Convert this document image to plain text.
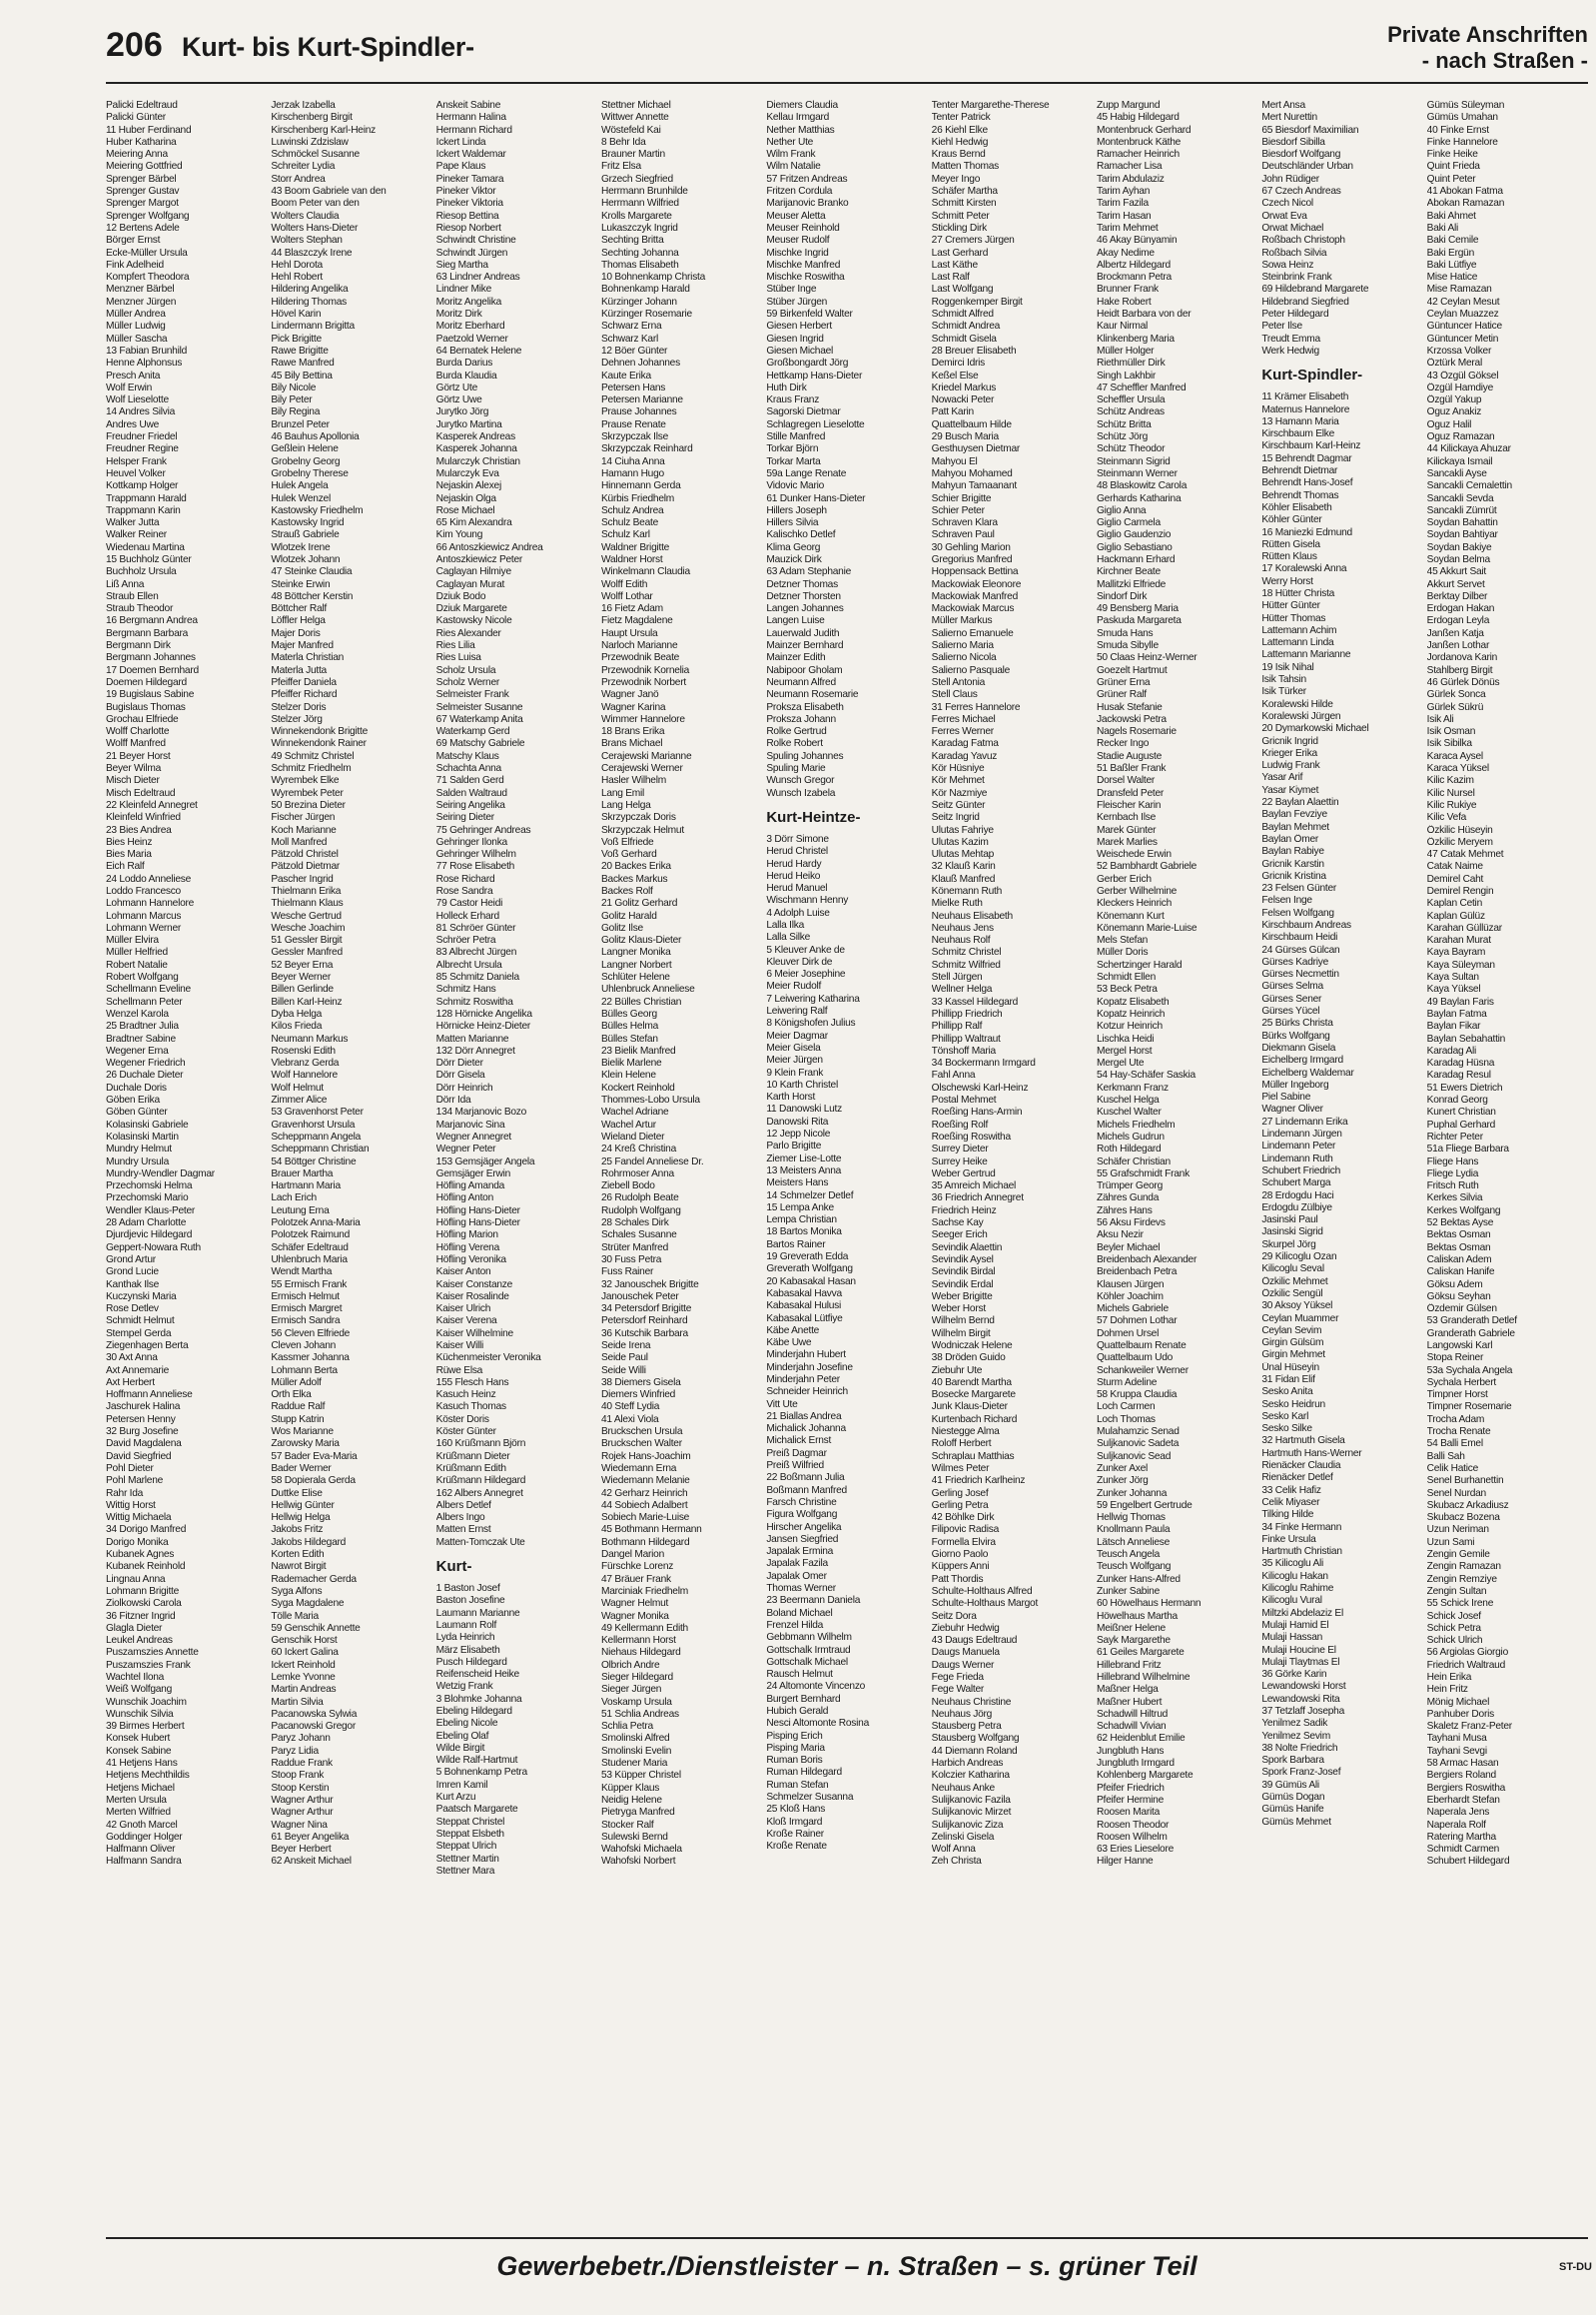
206 Kurt- bis Kurt-Spindler-	Private Anschriften
- nach Straßen -
Palicki Edeltraud
Palicki Günter
11 Huber Ferdinand
Huber Katharina
Meiering Anna
Meiering Gottfried
Sprenger Bärbel
Sprenger Gustav
Sprenger Margot
Sprenger Wolfgang
12 Bertens Adele
Börger Ernst
Ecke-Müller Ursula
Fink Adelheid
Kompfert Theodora
Menzner Bärbel
Menzner Jürgen
Müller Andrea
Müller Ludwig
Müller Sascha
13 Fabian Brunhild
Henne Alphonsus
Presch Anita
Wolf Erwin
Wolf Lieselotte
14 Andres Silvia
Andres Uwe
Freudner Friedel
Freudner Regine
Helsper Frank
Heuvel Volker
Kottkamp Holger
Trappmann Harald
Trappmann Karin
Walker Jutta
Walker Reiner
Wiedenau Martina
15 Buchholz Günter
Buchholz Ursula
Liß Anna
Straub Ellen
Straub Theodor
16 Bergmann Andrea
Bergmann Barbara
Bergmann Dirk
Bergmann Johannes
17 Doemen Bernhard
Doemen Hildegard
19 Bugislaus Sabine
Bugislaus Thomas
Grochau Elfriede
Wolff Charlotte
Wolff Manfred
21 Beyer Horst
Beyer Wilma
Misch Dieter
Misch Edeltraud
22 Kleinfeld Annegret
Kleinfeld Winfried
23 Bies Andrea
Bies Heinz
Bies Maria
Eich Ralf
24 Loddo Anneliese
Loddo Francesco
Lohmann Hannelore
Lohmann Marcus
Lohmann Werner
Müller Elvira
Müller Helfried
Robert Natalie
Robert Wolfgang
Schellmann Eveline
Schellmann Peter
Wenzel Karola
25 Bradtner Julia
Bradtner Sabine
Wegener Erna
Wegener Friedrich
26 Duchale Dieter
Duchale Doris
Göben Erika
Göben Günter
Kolasinski Gabriele
Kolasinski Martin
Mundry Helmut
Mundry Ursula
Mundry-Wendler Dagmar
Przechomski Helma
Przechomski Mario
Wendler Klaus-Peter
28 Adam Charlotte
Djurdjevic Hildegard
Geppert-Nowara Ruth
Grond Artur
Grond Lucie
Kanthak Ilse
Kuczynski Maria
Rose Detlev
Schmidt Helmut
Stempel Gerda
Ziegenhagen Berta
30 Axt Anna
Axt Annemarie
Axt Herbert
Hoffmann Anneliese
Jaschurek Halina
Petersen Henny
32 Burg Josefine
David Magdalena
David Siegfried
Pohl Dieter
Pohl Marlene
Rahr Ida
Wittig Horst
Wittig Michaela
34 Dorigo Manfred
Dorigo Monika
Kubanek Agnes
Kubanek Reinhold
Lingnau Anna
Lohmann Brigitte
Ziolkowski Carola
36 Fitzner Ingrid
Glagla Dieter
Leukel Andreas
Puszamszies Annette
Puszamszies Frank
Wachtel Ilona
Weiß Wolfgang
Wunschik Joachim
Wunschik Silvia
39 Birmes Herbert
Konsek Hubert
Konsek Sabine
41 Hetjens Hans
Hetjens Mechthildis
Hetjens Michael
Merten Ursula
Merten Wilfried
42 Gnoth Marcel
Goddinger Holger
Halfmann Oliver
Halfmann Sandra
Jerzak Izabella
Kirschenberg Birgit
Kirschenberg Karl-Heinz
Luwinski Zdzislaw
Schmöckel Susanne
Schreiter Lydia
Storr Andrea
43 Boom Gabriele van den
Boom Peter van den
Wolters Claudia
Wolters Hans-Dieter
Wolters Stephan
44 Blaszczyk Irene
Hehl Dorota
Hehl Robert
Hildering Angelika
Hildering Thomas
Hövel Karin
Lindermann Brigitta
Pick Brigitte
Rawe Brigitte
Rawe Manfred
45 Bily Bettina
Bily Nicole
Bily Peter
Bily Regina
Brunzel Peter
46 Bauhus Apollonia
Geßlein Helene
Grobelny Georg
Grobelny Therese
Hulek Angela
Hulek Wenzel
Kastowsky Friedhelm
Kastowsky Ingrid
Strauß Gabriele
Wlotzek Irene
Wlotzek Johann
47 Steinke Claudia
Steinke Erwin
48 Böttcher Kerstin
Böttcher Ralf
Löffler Helga
Majer Doris
Majer Manfred
Materla Christian
Materla Jutta
Pfeiffer Daniela
Pfeiffer Richard
Stelzer Doris
Stelzer Jörg
Winnekendonk Brigitte
Winnekendonk Rainer
49 Schmitz Christel
Schmitz Friedhelm
Wyrembek Elke
Wyrembek Peter
50 Brezina Dieter
Fischer Jürgen
Koch Marianne
Moll Manfred
Pätzold Christel
Pätzold Dietmar
Pascher Ingrid
Thielmann Erika
Thielmann Klaus
Wesche Gertrud
Wesche Joachim
51 Gessler Birgit
Gessler Manfred
52 Beyer Erna
Beyer Werner
Billen Gerlinde
Billen Karl-Heinz
Dyba Helga
Kilos Frieda
Neumann Markus
Rosenski Edith
Vlebranz Gerda
Wolf Hannelore
Wolf Helmut
Zimmer Alice
53 Gravenhorst Peter
Gravenhorst Ursula
Scheppmann Angela
Scheppmann Christian
54 Böttger Christine
Brauer Martha
Hartmann Maria
Lach Erich
Leutung Erna
Polotzek Anna-Maria
Polotzek Raimund
Schäfer Edeltraud
Uhlenbruch Maria
Wendt Martha
55 Ermisch Frank
Ermisch Helmut
Ermisch Margret
Ermisch Sandra
56 Cleven Elfriede
Cleven Johann
Kassmer Johanna
Lohmann Berta
Müller Adolf
Orth Elka
Raddue Ralf
Stupp Katrin
Wos Marianne
Zarowsky Maria
57 Bader Eva-Maria
Bader Werner
58 Dopierala Gerda
Duttke Elise
Hellwig Günter
Hellwig Helga
Jakobs Fritz
Jakobs Hildegard
Korten Edith
Nawrot Birgit
Rademacher Gerda
Syga Alfons
Syga Magdalene
Tölle Maria
59 Genschik Annette
Genschik Horst
60 Ickert Galina
Ickert Reinhold
Lemke Yvonne
Martin Andreas
Martin Silvia
Pacanowska Sylwia
Pacanowski Gregor
Paryz Johann
Paryz Lidia
Raddue Frank
Stoop Frank
Stoop Kerstin
Wagner Arthur
Wagner Arthur
Wagner Nina
61 Beyer Angelika
Beyer Herbert
62 Anskeit Michael
Anskeit Sabine
Hermann Halina
Hermann Richard
Ickert Linda
Ickert Waldemar
Pape Klaus
Pineker Tamara
Pineker Viktor
Pineker Viktoria
Riesop Bettina
Riesop Norbert
Schwindt Christine
Schwindt Jürgen
Sieg Martha
63 Lindner Andreas
Lindner Mike
Moritz Angelika
Moritz Dirk
Moritz Eberhard
Paetzold Werner
64 Bernatek Helene
Burda Darius
Burda Klaudia
Görtz Ute
Görtz Uwe
Jurytko Jörg
Jurytko Martina
Kasperek Andreas
Kasperek Johanna
Mularczyk Christian
Mularczyk Eva
Nejaskin Alexej
Nejaskin Olga
Rose Michael
65 Kim Alexandra
Kim Young
66 Antoszkiewicz Andrea
Antoszkiewicz Peter
Caglayan Hilmiye
Caglayan Murat
Dziuk Bodo
Dziuk Margarete
Kastowsky Nicole
Ries Alexander
Ries Lilia
Ries Luisa
Scholz Ursula
Scholz Werner
Selmeister Frank
Selmeister Susanne
67 Waterkamp Anita
Waterkamp Gerd
69 Matschy Gabriele
Matschy Klaus
Schachta Anna
71 Salden Gerd
Salden Waltraud
Seiring Angelika
Seiring Dieter
75 Gehringer Andreas
Gehringer Ilonka
Gehringer Wilhelm
77 Rose Elisabeth
Rose Richard
Rose Sandra
79 Castor Heidi
Holleck Erhard
81 Schröer Günter
Schröer Petra
83 Albrecht Jürgen
Albrecht Ursula
85 Schmitz Daniela
Schmitz Hans
Schmitz Roswitha
128 Hörnicke Angelika
Hörnicke Heinz-Dieter
Matten Marianne
132 Dörr Annegret
Dörr Dieter
Dörr Gisela
Dörr Heinrich
Dörr Ida
134 Marjanovic Bozo
Marjanovic Sina
Wegner Annegret
Wegner Peter
153 Gemsjäger Angela
Gemsjäger Erwin
Höfling Amanda
Höfling Anton
Höfling Hans-Dieter
Höfling Hans-Dieter
Höfling Marion
Höfling Verena
Höfling Veronika
Kaiser Anton
Kaiser Constanze
Kaiser Rosalinde
Kaiser Ulrich
Kaiser Verena
Kaiser Wilhelmine
Kaiser Willi
Küchenmeister Veronika
Rüwe Elsa
155 Flesch Hans
Kasuch Heinz
Kasuch Thomas
Köster Doris
Köster Günter
160 Krüßmann Björn
Krüßmann Dieter
Krüßmann Edith
Krüßmann Hildegard
162 Albers Annegret
Albers Detlef
Albers Ingo
Matten Ernst
Matten-Tomczak Ute
Kurt-
1 Baston Josef
Baston Josefine
Laumann Marianne
Laumann Rolf
Lyda Heinrich
März Elisabeth
Pusch Hildegard
Reifenscheid Heike
Wetzig Frank
3 Blohmke Johanna
Ebeling Hildegard
Ebeling Nicole
Ebeling Olaf
Wilde Birgit
Wilde Ralf-Hartmut
5 Bohnenkamp Petra
Imren Kamil
Kurt Arzu
Paatsch Margarete
Steppat Christel
Steppat Elsbeth
Steppat Ulrich
Stettner Martin
Stettner Mara
Stettner Michael
Wittwer Annette
Wöstefeld Kai
8 Behr Ida
Brauner Martin
Fritz Elsa
Grzech Siegfried
Herrmann Brunhilde
Herrmann Wilfried
Krolls Margarete
Lukaszczyk Ingrid
Sechting Britta
Sechting Johanna
Thomas Elisabeth
10 Bohnenkamp Christa
Bohnenkamp Harald
Kürzinger Johann
Kürzinger Rosemarie
Schwarz Erna
Schwarz Karl
12 Böer Günter
Dehnen Johannes
Kaute Erika
Petersen Hans
Petersen Marianne
Prause Johannes
Prause Renate
Skrzypczak Ilse
Skrzypczak Reinhard
14 Ciuha Anna
Hamann Hugo
Hinnemann Gerda
Kürbis Friedhelm
Schulz Andrea
Schulz Beate
Schulz Karl
Waldner Brigitte
Waldner Horst
Winkelmann Claudia
Wolff Edith
Wolff Lothar
16 Fietz Adam
Fietz Magdalene
Haupt Ursula
Narloch Marianne
Przewodnik Beate
Przewodnik Kornelia
Przewodnik Norbert
Wagner Janö
Wagner Karina
Wimmer Hannelore
18 Brans Erika
Brans Michael
Cerajewski Marianne
Cerajewski Werner
Hasler Wilhelm
Lang Emil
Lang Helga
Skrzypczak Doris
Skrzypczak Helmut
Voß Elfriede
Voß Gerhard
20 Backes Erika
Backes Markus
Backes Rolf
21 Golitz Gerhard
Golitz Harald
Golitz Ilse
Golitz Klaus-Dieter
Langner Monika
Langner Norbert
Schlüter Helene
Uhlenbruck Anneliese
22 Bülles Christian
Bülles Georg
Bülles Helma
Bülles Stefan
23 Bielik Manfred
Bielik Marlene
Klein Helene
Kockert Reinhold
Thommes-Lobo Ursula
Wachel Adriane
Wachel Artur
Wieland Dieter
24 Kreß Christina
25 Fandel Anneliese Dr.
Rohrmoser Anna
Ziebell Bodo
26 Rudolph Beate
Rudolph Wolfgang
28 Schales Dirk
Schales Susanne
Strüter Manfred
30 Fuss Petra
Fuss Rainer
32 Janouschek Brigitte
Janouschek Peter
34 Petersdorf Brigitte
Petersdorf Reinhard
36 Kutschik Barbara
Seide Irena
Seide Paul
Seide Willi
38 Diemers Gisela
Diemers Winfried
40 Steff Lydia
41 Alexi Viola
Bruckschen Ursula
Bruckschen Walter
Rojek Hans-Joachim
Wiedemann Erna
Wiedemann Melanie
42 Gerharz Heinrich
44 Sobiech Adalbert
Sobiech Marie-Luise
45 Bothmann Hermann
Bothmann Hildegard
Dangel Marion
Fürschke Lorenz
47 Bräuer Frank
Marciniak Friedhelm
Wagner Helmut
Wagner Monika
49 Kellermann Edith
Kellermann Horst
Niehaus Hildegard
Olbrich Andre
Sieger Hildegard
Sieger Jürgen
Voskamp Ursula
51 Schlia Andreas
Schlia Petra
Smolinski Alfred
Smolinski Evelin
Studener Maria
53 Küpper Christel
Küpper Klaus
Neidig Helene
Pietryga Manfred
Stocker Ralf
Sulewski Bernd
Wahofski Michaela
Wahofski Norbert
Diemers Claudia
Kellau Irmgard
Nether Matthias
Nether Ute
Wilm Frank
Wilm Natalie
57 Fritzen Andreas
Fritzen Cordula
Marijanovic Branko
Meuser Aletta
Meuser Reinhold
Meuser Rudolf
Mischke Ingrid
Mischke Manfred
Mischke Roswitha
Stüber Inge
Stüber Jürgen
59 Birkenfeld Walter
Giesen Herbert
Giesen Ingrid
Giesen Michael
Großbongardt Jörg
Hettkamp Hans-Dieter
Huth Dirk
Kraus Franz
Sagorski Dietmar
Schlagregen Lieselotte
Stille Manfred
Torkar Björn
Torkar Marta
59a Lange Renate
Vidovic Mario
61 Dunker Hans-Dieter
Hillers Joseph
Hillers Silvia
Kalischko Detlef
Klima Georg
Mauzick Dirk
63 Adam Stephanie
Detzner Thomas
Detzner Thorsten
Langen Johannes
Langen Luise
Lauerwald Judith
Mainzer Bernhard
Mainzer Edith
Nabipoor Gholam
Neumann Alfred
Neumann Rosemarie
Proksza Elisabeth
Proksza Johann
Rolke Gertrud
Rolke Robert
Spuling Johannes
Spuling Marie
Wunsch Gregor
Wunsch Izabela
Kurt-Heintze-
3 Dörr Simone
Herud Christel
Herud Hardy
Herud Heiko
Herud Manuel
Wischmann Henny
4 Adolph Luise
Lalla Ilka
Lalla Silke
5 Kleuver Anke de
Kleuver Dirk de
6 Meier Josephine
Meier Rudolf
7 Leiwering Katharina
Leiwering Ralf
8 Königshofen Julius
Meier Dagmar
Meier Gisela
Meier Jürgen
9 Klein Frank
10 Karth Christel
Karth Horst
11 Danowski Lutz
Danowski Rita
12 Jepp Nicole
Parlo Brigitte
Ziemer Lise-Lotte
13 Meisters Anna
Meisters Hans
14 Schmelzer Detlef
15 Lempa Anke
Lempa Christian
18 Bartos Monika
Bartos Rainer
19 Greverath Edda
Greverath Wolfgang
20 Kabasakal Hasan
Kabasakal Havva
Kabasakal Hulusi
Kabasakal Lütfiye
Käbe Anette
Käbe Uwe
Minderjahn Hubert
Minderjahn Josefine
Minderjahn Peter
Schneider Heinrich
Vitt Ute
21 Biallas Andrea
Michalick Johanna
Michalick Ernst
Preiß Dagmar
Preiß Wilfried
22 Boßmann Julia
Boßmann Manfred
Farsch Christine
Figura Wolfgang
Hirscher Angelika
Jansen Siegfried
Japalak Ermina
Japalak Fazila
Japalak Omer
Thomas Werner
23 Beermann Daniela
Boland Michael
Frenzel Hilda
Gebbmann Wilhelm
Gottschalk Irmtraud
Gottschalk Michael
Rausch Helmut
24 Altomonte Vincenzo
Burgert Bernhard
Hubich Gerald
Nesci Altomonte Rosina
Pisping Erich
Pisping Maria
Ruman Boris
Ruman Hildegard
Ruman Stefan
Schmelzer Susanna
25 Kloß Hans
Kloß Irmgard
Kroße Rainer
Kroße Renate
Tenter Margarethe-Therese
Tenter Patrick
26 Kiehl Elke
Kiehl Hedwig
Kraus Bernd
Matten Thomas
Meyer Ingo
Schäfer Martha
Schmitt Kirsten
Schmitt Peter
Stickling Dirk
27 Cremers Jürgen
Last Gerhard
Last Käthe
Last Ralf
Last Wolfgang
Roggenkemper Birgit
Schmidt Alfred
Schmidt Andrea
Schmidt Gisela
28 Breuer Elisabeth
Demirci Idris
Keßel Else
Kriedel Markus
Nowacki Peter
Patt Karin
Quattelbaum Hilde
29 Busch Maria
Gesthuysen Dietmar
Mahyou El
Mahyou Mohamed
Mahyun Tamaanant
Schier Brigitte
Schier Peter
Schraven Klara
Schraven Paul
30 Gehling Marion
Gregorius Manfred
Hoppensack Bettina
Mackowiak Eleonore
Mackowiak Manfred
Mackowiak Marcus
Müller Markus
Salierno Emanuele
Salierno Maria
Salierno Nicola
Salierno Pasquale
Stell Antonia
Stell Claus
31 Ferres Hannelore
Ferres Michael
Ferres Werner
Karadag Fatma
Karadag Yavuz
Kör Hüsniye
Kör Mehmet
Kör Nazmiye
Seitz Günter
Seitz Ingrid
Ulutas Fahriye
Ulutas Kazim
Ulutas Mehtap
32 Klauß Karin
Klauß Manfred
Könemann Ruth
Mielke Ruth
Neuhaus Elisabeth
Neuhaus Jens
Neuhaus Rolf
Schmitz Christel
Schmitz Wilfried
Stell Jürgen
Wellner Helga
33 Kassel Hildegard
Phillipp Friedrich
Phillipp Ralf
Phillipp Waltraut
Tönshoff Maria
34 Bockermann Irmgard
Fahl Anna
Olschewski Karl-Heinz
Postal Mehmet
Roeßing Hans-Armin
Roeßing Rolf
Roeßing Roswitha
Surrey Dieter
Surrey Heike
Weber Gertrud
35 Amreich Michael
36 Friedrich Annegret
Friedrich Heinz
Sachse Kay
Seeger Erich
Sevindik Alaettin
Sevindik Aysel
Sevindik Birdal
Sevindik Erdal
Weber Brigitte
Weber Horst
Wilhelm Bernd
Wilhelm Birgit
Wodniczak Helene
38 Dröden Guido
Ziebuhr Ute
40 Barendt Martha
Bosecke Margarete
Junk Klaus-Dieter
Kurtenbach Richard
Niestegge Alma
Roloff Herbert
Schraplau Matthias
Wilmes Peter
41 Friedrich Karlheinz
Gerling Josef
Gerling Petra
42 Böhlke Dirk
Filipovic Radisa
Formella Elvira
Giorno Paolo
Küppers Anni
Patt Thordis
Schulte-Holthaus Alfred
Schulte-Holthaus Margot
Seitz Dora
Ziebuhr Hedwig
43 Daugs Edeltraud
Daugs Manuela
Daugs Werner
Fege Frieda
Fege Walter
Neuhaus Christine
Neuhaus Jörg
Stausberg Petra
Stausberg Wolfgang
44 Diemann Roland
Harbich Andreas
Kolczier Katharina
Neuhaus Anke
Sulijkanovic Fazila
Sulijkanovic Mirzet
Sulijkanovic Ziza
Zelinski Gisela
Wolf Anna
Zeh Christa
Zupp Margund
45 Habig Hildegard
Montenbruck Gerhard
Montenbruck Käthe
Ramacher Heinrich
Ramacher Lisa
Tarim Abdulaziz
Tarim Ayhan
Tarim Fazila
Tarim Hasan
Tarim Mehmet
46 Akay Bünyamin
Akay Nedime
Albertz Hildegard
Brockmann Petra
Brunner Frank
Hake Robert
Heidt Barbara von der
Kaur Nirmal
Klinkenberg Maria
Müller Holger
Riethmüller Dirk
Singh Lakhbir
47 Scheffler Manfred
Scheffler Ursula
Schütz Andreas
Schütz Britta
Schütz Jörg
Schütz Theodor
Steinmann Sigrid
Steinmann Werner
48 Blaskowitz Carola
Gerhards Katharina
Giglio Anna
Giglio Carmela
Giglio Gaudenzio
Giglio Sebastiano
Hackmann Erhard
Kirchner Beate
Mallitzki Elfriede
Sindorf Dirk
49 Bensberg Maria
Paskuda Margareta
Smuda Hans
Smuda Sibylle
50 Claas Heinz-Werner
Goezelt Hartmut
Grüner Erna
Grüner Ralf
Husak Stefanie
Jackowski Petra
Nagels Rosemarie
Recker Ingo
Stadie Auguste
51 Baßler Frank
Dorsel Walter
Dransfeld Peter
Fleischer Karin
Kernbach Ilse
Marek Günter
Marek Marlies
Weischede Erwin
52 Bambhardt Gabriele
Gerber Erich
Gerber Wilhelmine
Kleckers Heinrich
Könemann Kurt
Könemann Marie-Luise
Mels Stefan
Müller Doris
Schertzinger Harald
Schmidt Ellen
53 Beck Petra
Kopatz Elisabeth
Kopatz Heinrich
Kotzur Heinrich
Lischka Heidi
Mergel Horst
Mergel Ute
54 Hay-Schäfer Saskia
Kerkmann Franz
Kuschel Helga
Kuschel Walter
Michels Friedhelm
Michels Gudrun
Roth Hildegard
Schäfer Christian
55 Grafschmidt Frank
Trümper Georg
Zähres Gunda
Zähres Hans
56 Aksu Firdevs
Aksu Nezir
Beyler Michael
Breidenbach Alexander
Breidenbach Petra
Klausen Jürgen
Köhler Joachim
Michels Gabriele
57 Dohmen Lothar
Dohmen Ursel
Quattelbaum Renate
Quattelbaum Udo
Schankweiler Werner
Sturm Adeline
58 Kruppa Claudia
Loch Carmen
Loch Thomas
Mulahamzic Senad
Suljkanovic Sadeta
Suljkanovic Sead
Zunker Axel
Zunker Jörg
Zunker Johanna
59 Engelbert Gertrude
Hellwig Thomas
Knollmann Paula
Lätsch Anneliese
Teusch Angela
Teusch Wolfgang
Zunker Hans-Alfred
Zunker Sabine
60 Höwelhaus Hermann
Höwelhaus Martha
Meißner Helene
Sayk Margarethe
61 Geiles Margarete
Hillebrand Fritz
Hillebrand Wilhelmine
Maßner Helga
Maßner Hubert
Schadwill Hiltrud
Schadwill Vivian
62 Heidenblut Emilie
Jungbluth Hans
Jungbluth Irmgard
Kohlenberg Margarete
Pfeifer Friedrich
Pfeifer Hermine
Roosen Marita
Roosen Theodor
Roosen Wilhelm
63 Eries Lieselore
Hilger Hanne
Mert Ansa
Mert Nurettin
65 Biesdorf Maximilian
Biesdorf Sibilla
Biesdorf Wolfgang
Deutschländer Urban
John Rüdiger
67 Czech Andreas
Czech Nicol
Orwat Eva
Orwat Michael
Roßbach Christoph
Roßbach Silvia
Sowa Heinz
Steinbrink Frank
69 Hildebrand Margarete
Hildebrand Siegfried
Peter Hildegard
Peter Ilse
Treudt Emma
Werk Hedwig
Kurt-Spindler-
11 Krämer Elisabeth
Maternus Hannelore
13 Hamann Maria
Kirschbaum Elke
Kirschbaum Karl-Heinz
15 Behrendt Dagmar
Behrendt Dietmar
Behrendt Hans-Josef
Behrendt Thomas
Köhler Elisabeth
Köhler Günter
16 Maniezki Edmund
Rütten Gisela
Rütten Klaus
17 Koralewski Anna
Werry Horst
18 Hütter Christa
Hütter Günter
Hütter Thomas
Lattemann Achim
Lattemann Linda
Lattemann Marianne
19 Isik Nihal
Isik Tahsin
Isik Türker
Koralewski Hilde
Koralewski Jürgen
20 Dymarkowski Michael
Gricnik Ingrid
Krieger Erika
Ludwig Frank
Yasar Arif
Yasar Kiymet
22 Baylan Alaettin
Baylan Fevziye
Baylan Mehmet
Baylan Ömer
Baylan Rabiye
Gricnik Karstin
Gricnik Kristina
23 Felsen Günter
Felsen Inge
Felsen Wolfgang
Kirschbaum Andreas
Kirschbaum Heidi
24 Gürses Gülcan
Gürses Kadriye
Gürses Necmettin
Gürses Selma
Gürses Sener
Gürses Yücel
25 Bürks Christa
Bürks Wolfgang
Diekmann Gisela
Eichelberg Irmgard
Eichelberg Waldemar
Müller Ingeborg
Piel Sabine
Wagner Oliver
27 Lindemann Erika
Lindemann Jürgen
Lindemann Peter
Lindemann Ruth
Schubert Friedrich
Schubert Marga
28 Erdogdu Haci
Erdogdu Zülbiye
Jasinski Paul
Jasinski Sigrid
Skurpel Jörg
29 Kilicoglu Ozan
Kilicoglu Seval
Özkilic Mehmet
Özkilic Sengül
30 Aksoy Yüksel
Ceylan Muammer
Ceylan Sevim
Girgin Gülsüm
Girgin Mehmet
Ünal Hüseyin
31 Fidan Elif
Sesko Anita
Sesko Heidrun
Sesko Karl
Sesko Silke
32 Hartmuth Gisela
Hartmuth Hans-Werner
Rienäcker Claudia
Rienäcker Detlef
33 Celik Hafiz
Celik Miyaser
Tilking Hilde
34 Finke Hermann
Finke Ursula
Hartmuth Christian
35 Kilicoglu Ali
Kilicoglu Hakan
Kilicoglu Rahime
Kilicoglu Vural
Miltzki Abdelaziz El
Mulaji Hamid El
Mulaji Hassan
Mulaji Houcine El
Mulaji Tlaytmas El
36 Görke Karin
Lewandowski Horst
Lewandowski Rita
37 Tetzlaff Josepha
Yenilmez Sadik
Yenilmez Sevim
38 Nolte Friedrich
Spork Barbara
Spork Franz-Josef
39 Gümüs Ali
Gümüs Dogan
Gümüs Hanife
Gümüs Mehmet
Gümüs Süleyman
Gümüs Umahan
40 Finke Ernst
Finke Hannelore
Finke Heike
Quint Frieda
Quint Peter
41 Abokan Fatma
Abokan Ramazan
Baki Ahmet
Baki Ali
Baki Cemile
Baki Ergün
Baki Lütfiye
Mise Hatice
Mise Ramazan
42 Ceylan Mesut
Ceylan Muazzez
Güntuncer Hatice
Güntuncer Metin
Krzossa Volker
Öztürk Meral
43 Özgül Göksel
Özgül Hamdiye
Özgül Yakup
Oguz Anakiz
Oguz Halil
Oguz Ramazan
44 Kilickaya Ahuzar
Kilickaya Ismail
Sancakli Ayse
Sancakli Cemalettin
Sancakli Sevda
Sancakli Zümrüt
Soydan Bahattin
Soydan Bahtiyar
Soydan Bakiye
Soydan Belma
45 Akkurt Sait
Akkurt Servet
Berktay Dilber
Erdogan Hakan
Erdogan Leyla
Janßen Katja
Janßen Lothar
Jordanova Karin
Stahlberg Birgit
46 Gürlek Dönüs
Gürlek Sonca
Gürlek Sükrü
Isik Ali
Isik Osman
Isik Sibilka
Karaca Aysel
Karaca Yüksel
Kilic Kazim
Kilic Nursel
Kilic Rukiye
Kilic Vefa
Özkilic Hüseyin
Özkilic Meryem
47 Catak Mehmet
Catak Naime
Demirel Caht
Demirel Rengin
Kaplan Cetin
Kaplan Gülüz
Karahan Güllüzar
Karahan Murat
Kaya Bayram
Kaya Süleyman
Kaya Sultan
Kaya Yüksel
49 Baylan Faris
Baylan Fatma
Baylan Fikar
Baylan Sebahattin
Karadag Ali
Karadag Hüsna
Karadag Resul
51 Ewers Dietrich
Konrad Georg
Kunert Christian
Puphal Gerhard
Richter Peter
51a Fliege Barbara
Fliege Hans
Fliege Lydia
Fritsch Ruth
Kerkes Silvia
Kerkes Wolfgang
52 Bektas Ayse
Bektas Osman
Bektas Osman
Caliskan Adem
Caliskan Hanife
Göksu Adem
Göksu Seyhan
Özdemir Gülsen
53 Granderath Detlef
Granderath Gabriele
Langowski Karl
Stopa Reiner
53a Sychala Angela
Sychala Herbert
Timpner Horst
Timpner Rosemarie
Trocha Adam
Trocha Renate
54 Balli Emel
Balli Sah
Celik Hatice
Senel Burhanettin
Senel Nurdan
Skubacz Arkadiusz
Skubacz Bozena
Uzun Neriman
Uzun Sami
Zengin Gemile
Zengin Ramazan
Zengin Remziye
Zengin Sultan
55 Schick Irene
Schick Josef
Schick Petra
Schick Ulrich
56 Argiolas Giorgio
Friedrich Waltraud
Hein Erika
Hein Fritz
Mönig Michael
Panhuber Doris
Skaletz Franz-Peter
Tayhani Musa
Tayhani Sevgi
58 Armac Hasan
Bergiers Roland
Bergiers Roswitha
Eberhardt Stefan
Naperala Jens
Naperala Rolf
Ratering Martha
Schmidt Carmen
Schubert Hildegard
Gewerbebetr./Dienstleister – n. Straßen – s. grüner Teil	ST-DU
